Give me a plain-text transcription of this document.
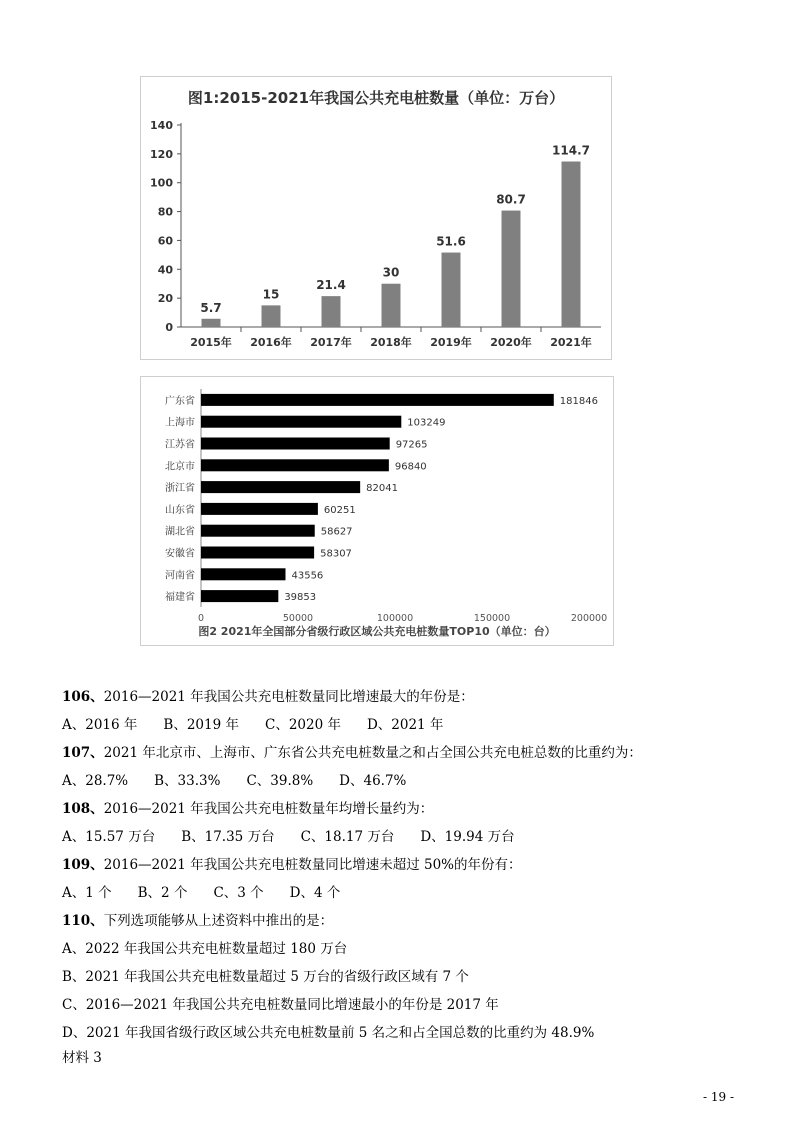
图1:2015-2021年我国公共充电桩数量（单位：万台）
0
20
40
60
80
100
120
140
5.7
2015年
15
2016年
21.4
2017年
30
2018年
51.6
2019年
80.7
2020年
114.7
2021年
广东省	181846
上海市	103249
江苏省	97265
北京市	96840
浙江省	82041
山东省	60251
湖北省	58627
安徽省	58307
河南省	43556
福建省	39853
0	50000	100000	150000	200000
图2 2021年全国部分省级行政区域公共充电桩数量TOP10（单位：台）
106、2016—2021 年我国公共充电桩数量同比增速最大的年份是：
A、2016 年 B、2019 年 C、2020 年 D、2021 年
107、2021 年北京市、上海市、广东省公共充电桩数量之和占全国公共充电桩总数的比重约为：
A、28.7% B、33.3% C、39.8% D、46.7%
108、2016—2021 年我国公共充电桩数量年均增长量约为：
A、15.57 万台 B、17.35 万台 C、18.17 万台 D、19.94 万台
109、2016—2021 年我国公共充电桩数量同比增速未超过 50%的年份有：
A、1 个 B、2 个 C、3 个 D、4 个
110、下列选项能够从上述资料中推出的是：
A、2022 年我国公共充电桩数量超过 180 万台
B、2021 年我国公共充电桩数量超过 5 万台的省级行政区域有 7 个
C、2016—2021 年我国公共充电桩数量同比增速最小的年份是 2017 年
D、2021 年我国省级行政区域公共充电桩数量前 5 名之和占全国总数的比重约为 48.9%
材料 3
- 19 -
